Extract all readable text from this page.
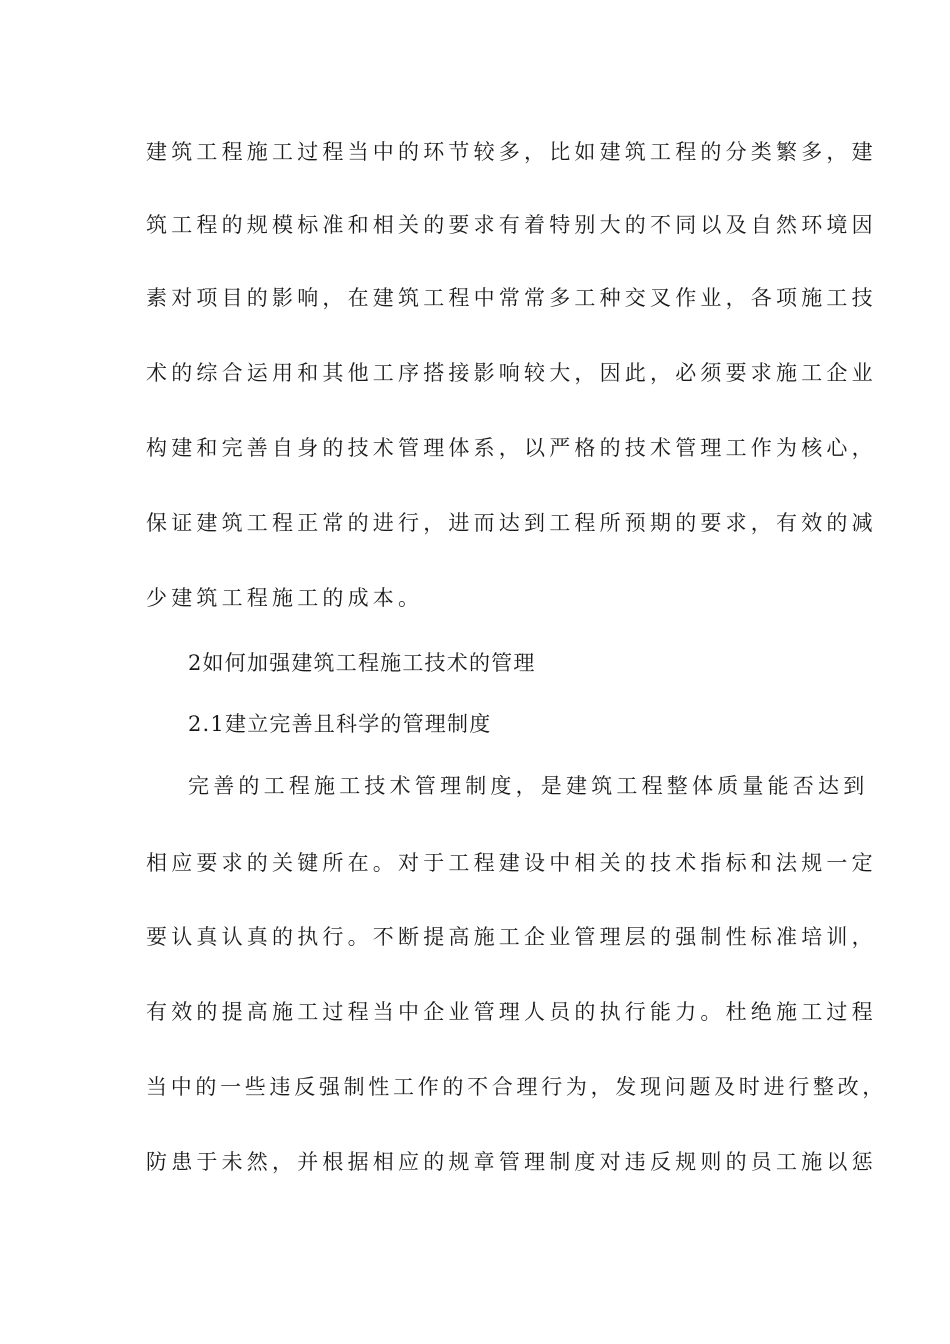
建筑工程施工过程当中的环节较多，比如建筑工程的分类繁多，建
筑工程的规模标准和相关的要求有着特别大的不同以及自然环境因
素对项目的影响，在建筑工程中常常多工种交叉作业，各项施工技
术的综合运用和其他工序搭接影响较大，因此，必须要求施工企业
构建和完善自身的技术管理体系，以严格的技术管理工作为核心，
保证建筑工程正常的进行，进而达到工程所预期的要求，有效的减
少建筑工程施工的成本。
2如何加强建筑工程施工技术的管理
2.1建立完善且科学的管理制度
完善的工程施工技术管理制度，是建筑工程整体质量能否达到
相应要求的关键所在。对于工程建设中相关的技术指标和法规一定
要认真认真的执行。不断提高施工企业管理层的强制性标准培训，
有效的提高施工过程当中企业管理人员的执行能力。杜绝施工过程
当中的一些违反强制性工作的不合理行为，发现问题及时进行整改，
防患于未然，并根据相应的规章管理制度对违反规则的员工施以惩
